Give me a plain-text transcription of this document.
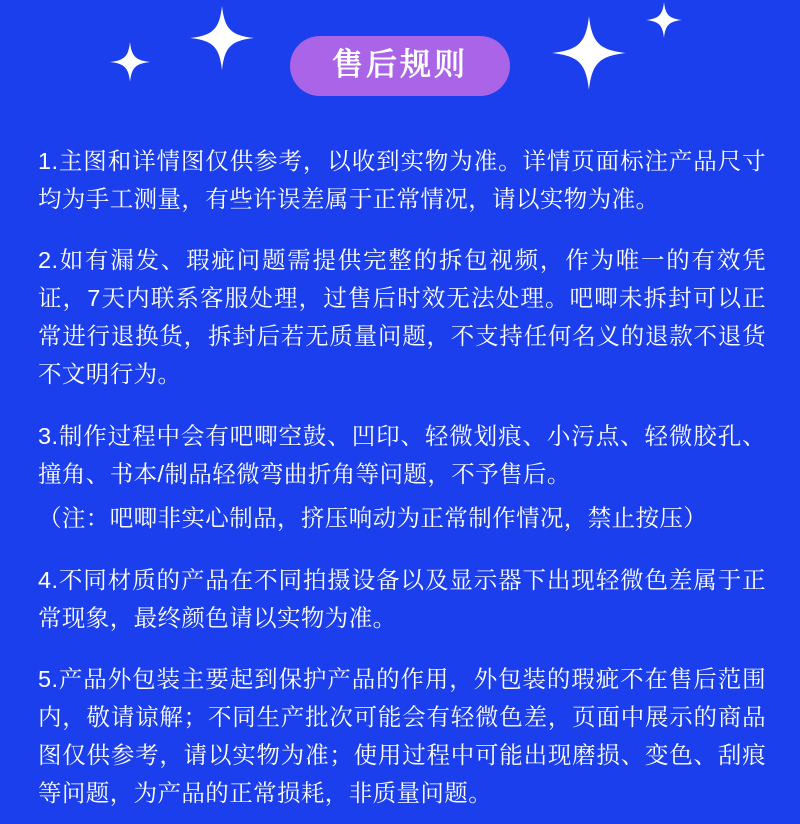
售后规则

1.主图和详情图仅供参考，以收到实物为准。详情页面标注产品尺寸均为手工测量，有些许误差属于正常情况，请以实物为准。

2.如有漏发、瑕疵问题需提供完整的拆包视频，作为唯一的有效凭证，7天内联系客服处理，过售后时效无法处理。吧唧未拆封可以正常进行退换货，拆封后若无质量问题，不支持任何名义的退款不退货不文明行为。

3.制作过程中会有吧唧空鼓、凹印、轻微划痕、小污点、轻微胶孔、撞角、书本/制品轻微弯曲折角等问题，不予售后。

（注：吧唧非实心制品，挤压响动为正常制作情况，禁止按压）

4.不同材质的产品在不同拍摄设备以及显示器下出现轻微色差属于正常现象，最终颜色请以实物为准。

5.产品外包装主要起到保护产品的作用，外包装的瑕疵不在售后范围内，敬请谅解；不同生产批次可能会有轻微色差，页面中展示的商品图仅供参考，请以实物为准；使用过程中可能出现磨损、变色、刮痕等问题，为产品的正常损耗，非质量问题。
